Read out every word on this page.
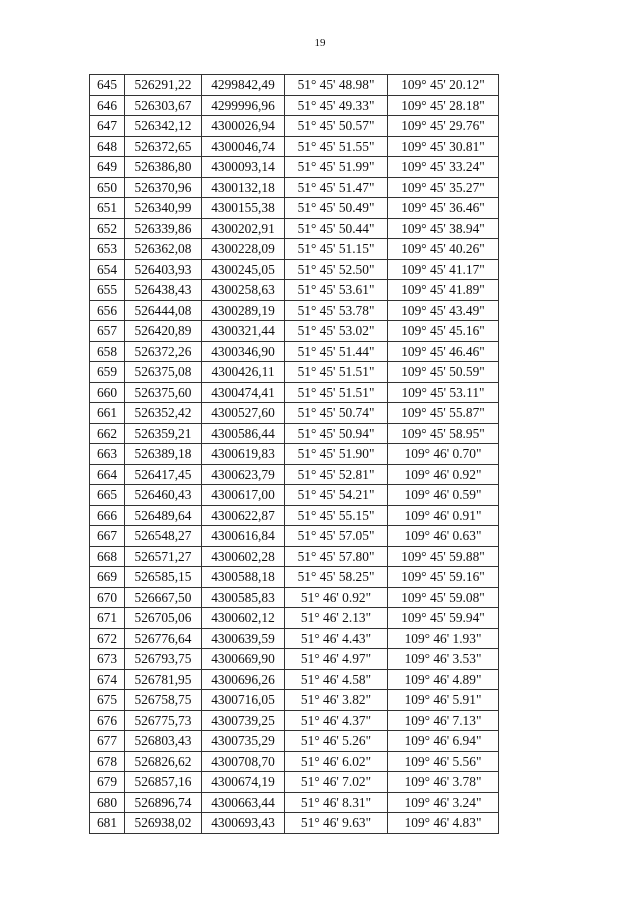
19
645	526291,22	4299842,49	51° 45' 48.98"	109° 45' 20.12"
646	526303,67	4299996,96	51° 45' 49.33"	109° 45' 28.18"
647	526342,12	4300026,94	51° 45' 50.57"	109° 45' 29.76"
648	526372,65	4300046,74	51° 45' 51.55"	109° 45' 30.81"
649	526386,80	4300093,14	51° 45' 51.99"	109° 45' 33.24"
650	526370,96	4300132,18	51° 45' 51.47"	109° 45' 35.27"
651	526340,99	4300155,38	51° 45' 50.49"	109° 45' 36.46"
652	526339,86	4300202,91	51° 45' 50.44"	109° 45' 38.94"
653	526362,08	4300228,09	51° 45' 51.15"	109° 45' 40.26"
654	526403,93	4300245,05	51° 45' 52.50"	109° 45' 41.17"
655	526438,43	4300258,63	51° 45' 53.61"	109° 45' 41.89"
656	526444,08	4300289,19	51° 45' 53.78"	109° 45' 43.49"
657	526420,89	4300321,44	51° 45' 53.02"	109° 45' 45.16"
658	526372,26	4300346,90	51° 45' 51.44"	109° 45' 46.46"
659	526375,08	4300426,11	51° 45' 51.51"	109° 45' 50.59"
660	526375,60	4300474,41	51° 45' 51.51"	109° 45' 53.11"
661	526352,42	4300527,60	51° 45' 50.74"	109° 45' 55.87"
662	526359,21	4300586,44	51° 45' 50.94"	109° 45' 58.95"
663	526389,18	4300619,83	51° 45' 51.90"	109° 46' 0.70"
664	526417,45	4300623,79	51° 45' 52.81"	109° 46' 0.92"
665	526460,43	4300617,00	51° 45' 54.21"	109° 46' 0.59"
666	526489,64	4300622,87	51° 45' 55.15"	109° 46' 0.91"
667	526548,27	4300616,84	51° 45' 57.05"	109° 46' 0.63"
668	526571,27	4300602,28	51° 45' 57.80"	109° 45' 59.88"
669	526585,15	4300588,18	51° 45' 58.25"	109° 45' 59.16"
670	526667,50	4300585,83	51° 46' 0.92"	109° 45' 59.08"
671	526705,06	4300602,12	51° 46' 2.13"	109° 45' 59.94"
672	526776,64	4300639,59	51° 46' 4.43"	109° 46' 1.93"
673	526793,75	4300669,90	51° 46' 4.97"	109° 46' 3.53"
674	526781,95	4300696,26	51° 46' 4.58"	109° 46' 4.89"
675	526758,75	4300716,05	51° 46' 3.82"	109° 46' 5.91"
676	526775,73	4300739,25	51° 46' 4.37"	109° 46' 7.13"
677	526803,43	4300735,29	51° 46' 5.26"	109° 46' 6.94"
678	526826,62	4300708,70	51° 46' 6.02"	109° 46' 5.56"
679	526857,16	4300674,19	51° 46' 7.02"	109° 46' 3.78"
680	526896,74	4300663,44	51° 46' 8.31"	109° 46' 3.24"
681	526938,02	4300693,43	51° 46' 9.63"	109° 46' 4.83"
